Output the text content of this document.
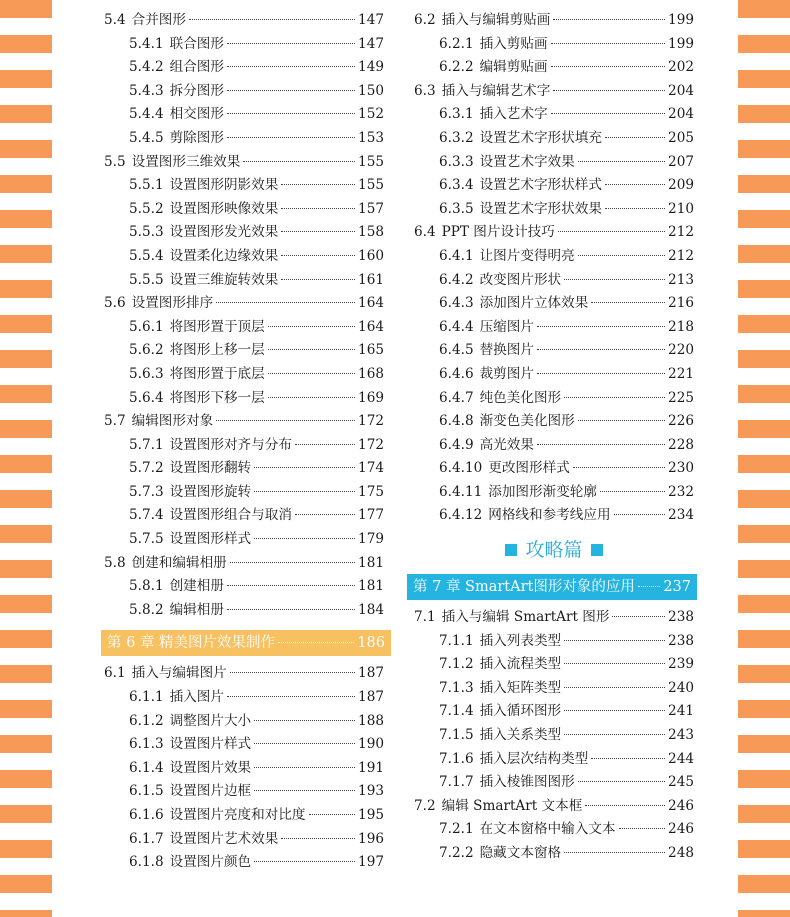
5.4 合并图形	147
5.4.1 联合图形	147
5.4.2 组合图形	149
5.4.3 拆分图形	150
5.4.4 相交图形	152
5.4.5 剪除图形	153
5.5 设置图形三维效果	155
5.5.1 设置图形阴影效果	155
5.5.2 设置图形映像效果	157
5.5.3 设置图形发光效果	158
5.5.4 设置柔化边缘效果	160
5.5.5 设置三维旋转效果	161
5.6 设置图形排序	164
5.6.1 将图形置于顶层	164
5.6.2 将图形上移一层	165
5.6.3 将图形置于底层	168
5.6.4 将图形下移一层	169
5.7 编辑图形对象	172
5.7.1 设置图形对齐与分布	172
5.7.2 设置图形翻转	174
5.7.3 设置图形旋转	175
5.7.4 设置图形组合与取消	177
5.7.5 设置图形样式	179
5.8 创建和编辑相册	181
5.8.1 创建相册	181
5.8.2 编辑相册	184
第 6 章 精美图片效果制作	186
6.1 插入与编辑图片	187
6.1.1 插入图片	187
6.1.2 调整图片大小	188
6.1.3 设置图片样式	190
6.1.4 设置图片效果	191
6.1.5 设置图片边框	193
6.1.6 设置图片亮度和对比度	195
6.1.7 设置图片艺术效果	196
6.1.8 设置图片颜色	197
6.2 插入与编辑剪贴画	199
6.2.1 插入剪贴画	199
6.2.2 编辑剪贴画	202
6.3 插入与编辑艺术字	204
6.3.1 插入艺术字	204
6.3.2 设置艺术字形状填充	205
6.3.3 设置艺术字效果	207
6.3.4 设置艺术字形状样式	209
6.3.5 设置艺术字形状效果	210
6.4 PPT 图片设计技巧	212
6.4.1 让图片变得明亮	212
6.4.2 改变图片形状	213
6.4.3 添加图片立体效果	216
6.4.4 压缩图片	218
6.4.5 替换图片	220
6.4.6 裁剪图片	221
6.4.7 纯色美化图形	225
6.4.8 渐变色美化图形	226
6.4.9 高光效果	228
6.4.10 更改图形样式	230
6.4.11 添加图形渐变轮廓	232
6.4.12 网格线和参考线应用	234
攻略篇
第 7 章 SmartArt图形对象的应用 237
7.1 插入与编辑 SmartArt 图形	238
7.1.1 插入列表类型	238
7.1.2 插入流程类型	239
7.1.3 插入矩阵类型	240
7.1.4 插入循环图形	241
7.1.5 插入关系类型	243
7.1.6 插入层次结构类型	244
7.1.7 插入棱锥图图形	245
7.2 编辑 SmartArt 文本框	246
7.2.1 在文本窗格中输入文本	246
7.2.2 隐藏文本窗格	248
